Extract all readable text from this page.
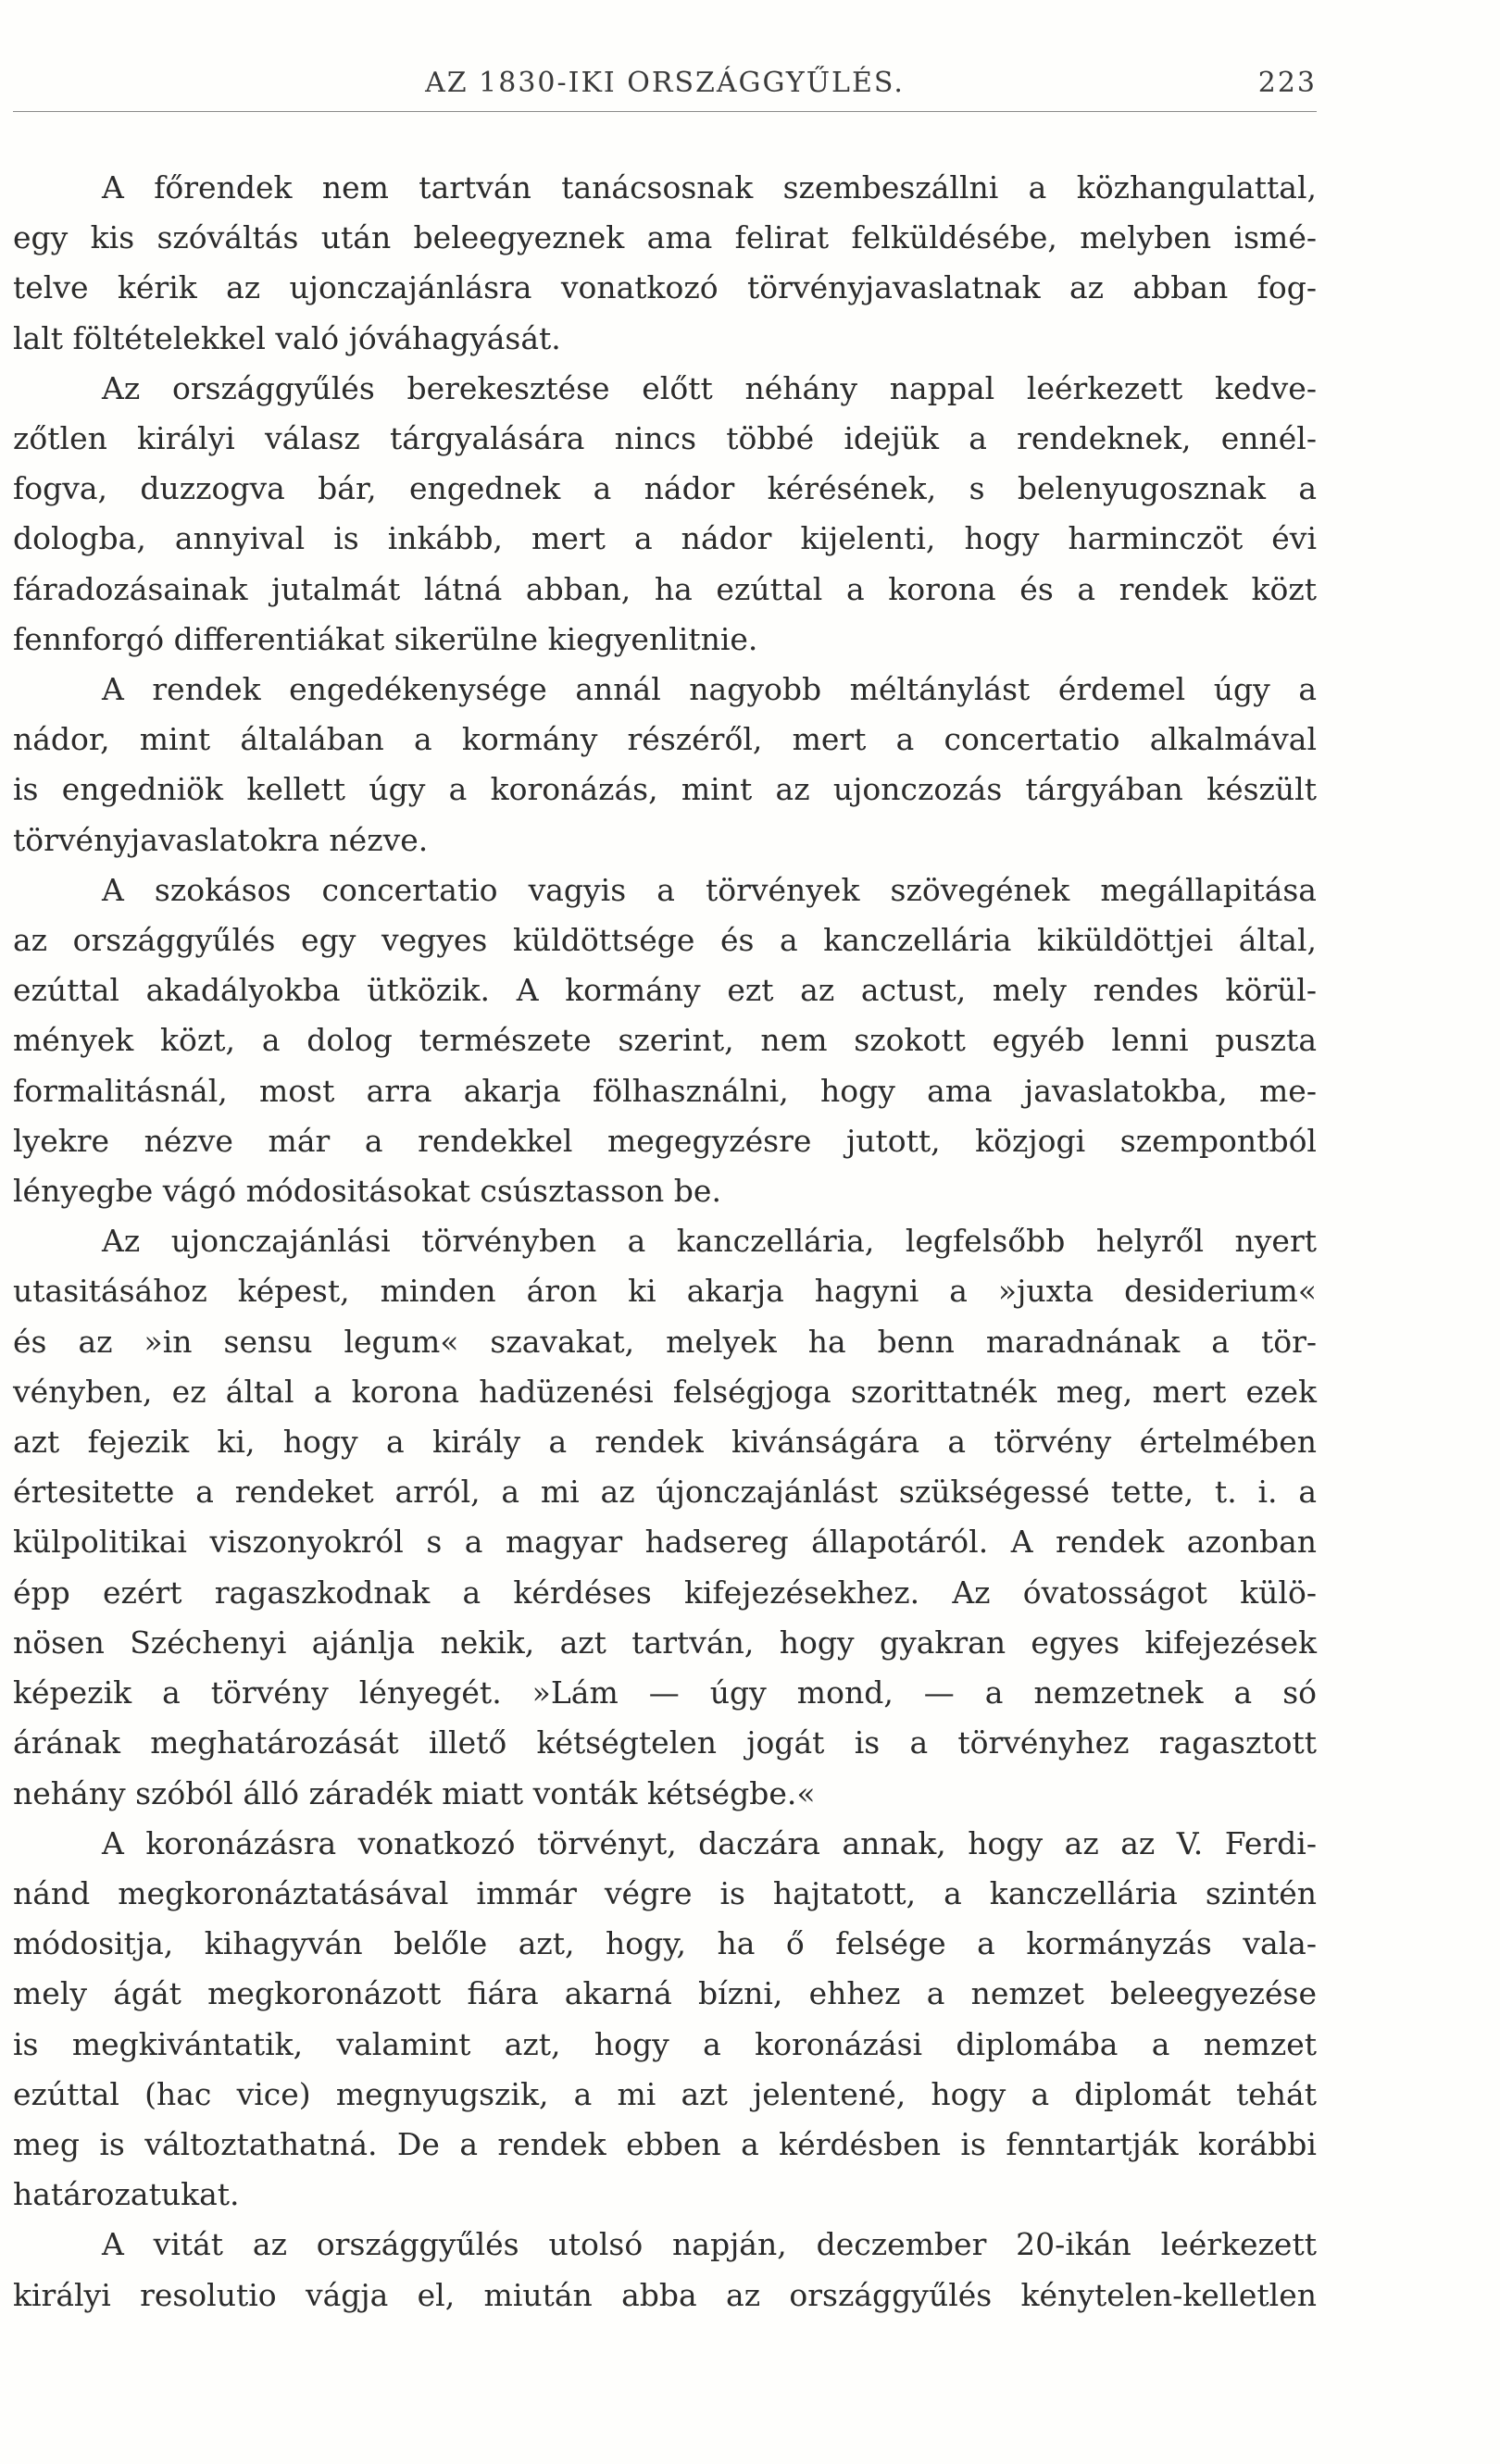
AZ 1830-IKI ORSZÁGGYŰLÉS.	223

A főrendek nem tartván tanácsosnak szembeszállni a közhangulattal,
egy kis szóváltás után beleegyeznek ama felirat felküldésébe, melyben ismé-
telve kérik az ujonczajánlásra vonatkozó törvényjavaslatnak az abban fog-
lalt föltételekkel való jóváhagyását.

Az országgyűlés berekesztése előtt néhány nappal leérkezett kedve-
zőtlen királyi válasz tárgyalására nincs többé idejük a rendeknek, ennél-
fogva, duzzogva bár, engednek a nádor kérésének, s belenyugosznak a
dologba, annyival is inkább, mert a nádor kijelenti, hogy harminczöt évi
fáradozásainak jutalmát látná abban, ha ezúttal a korona és a rendek közt
fennforgó differentiákat sikerülne kiegyenlitnie.

A rendek engedékenysége annál nagyobb méltánylást érdemel úgy a
nádor, mint általában a kormány részéről, mert a concertatio alkalmával
is engedniök kellett úgy a koronázás, mint az ujonczozás tárgyában készült
törvényjavaslatokra nézve.

A szokásos concertatio vagyis a törvények szövegének megállapitása
az országgyűlés egy vegyes küldöttsége és a kanczellária kiküldöttjei által,
ezúttal akadályokba ütközik. A kormány ezt az actust, mely rendes körül-
mények közt, a dolog természete szerint, nem szokott egyéb lenni puszta
formalitásnál, most arra akarja fölhasználni, hogy ama javaslatokba, me-
lyekre nézve már a rendekkel megegyzésre jutott, közjogi szempontból
lényegbe vágó módositásokat csúsztasson be.

Az ujonczajánlási törvényben a kanczellária, legfelsőbb helyről nyert
utasitásához képest, minden áron ki akarja hagyni a »juxta desiderium«
és az »in sensu legum« szavakat, melyek ha benn maradnának a tör-
vényben, ez által a korona hadüzenési felségjoga szorittatnék meg, mert ezek
azt fejezik ki, hogy a király a rendek kivánságára a törvény értelmében
értesitette a rendeket arról, a mi az újonczajánlást szükségessé tette, t. i. a
külpolitikai viszonyokról s a magyar hadsereg állapotáról. A rendek azonban
épp ezért ragaszkodnak a kérdéses kifejezésekhez. Az óvatosságot külö-
nösen Széchenyi ajánlja nekik, azt tartván, hogy gyakran egyes kifejezések
képezik a törvény lényegét. »Lám — úgy mond, — a nemzetnek a só
árának meghatározását illető kétségtelen jogát is a törvényhez ragasztott
nehány szóból álló záradék miatt vonták kétségbe.«

A koronázásra vonatkozó törvényt, daczára annak, hogy az az V. Ferdi-
nánd megkoronáztatásával immár végre is hajtatott, a kanczellária szintén
módositja, kihagyván belőle azt, hogy, ha ő felsége a kormányzás vala-
mely ágát megkoronázott fiára akarná bízni, ehhez a nemzet beleegyezése
is megkivántatik, valamint azt, hogy a koronázási diplomába a nemzet
ezúttal (hac vice) megnyugszik, a mi azt jelentené, hogy a diplomát tehát
meg is változtathatná. De a rendek ebben a kérdésben is fenntartják korábbi
határozatukat.

A vitát az országgyűlés utolsó napján, deczember 20-ikán leérkezett
királyi resolutio vágja el, miután abba az országgyűlés kénytelen-kelletlen
